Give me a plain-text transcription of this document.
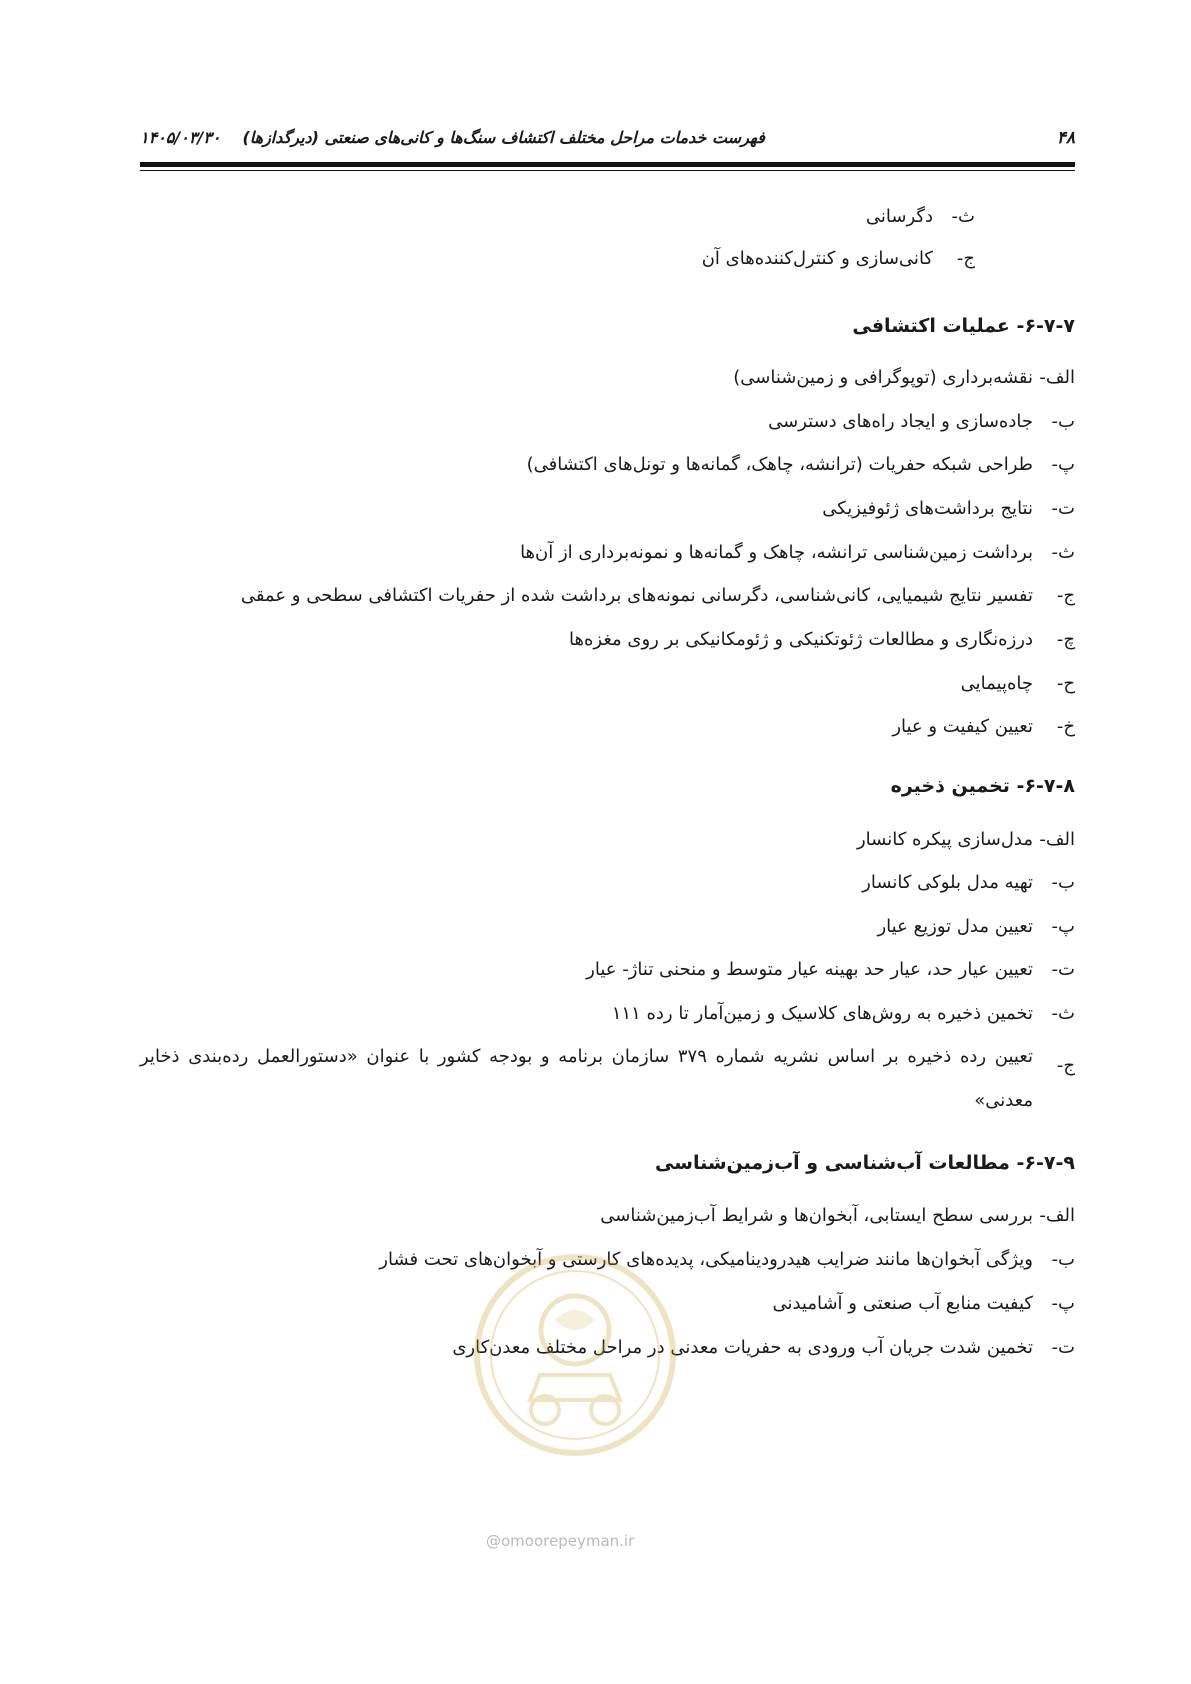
۴۸
فهرست خدمات مراحل مختلف اکتشاف سنگ‌ها و کانی‌های صنعتی (دیرگدازها)۱۴۰۵/۰۳/۳۰

ث-دگرسانی

ج-کانی‌سازی و کنترل‌کننده‌های آن

۶-۷-۷- عملیات اکتشافی

الف-نقشه‌برداری (توپوگرافی و زمین‌شناسی)

ب-جاده‌سازی و ایجاد راه‌های دسترسی

پ-طراحی شبکه حفریات (ترانشه، چاهک، گمانه‌ها و تونل‌های اکتشافی)

ت-نتایج برداشت‌های ژئوفیزیکی

ث-برداشت زمین‌شناسی ترانشه، چاهک و گمانه‌ها و نمونه‌برداری از آن‌ها

ج-تفسیر نتایج شیمیایی، کانی‌شناسی، دگرسانی نمونه‌های برداشت شده از حفریات اکتشافی سطحی و عمقی

چ-درزه‌نگاری و مطالعات ژئوتکنیکی و ژئومکانیکی بر روی مغزه‌ها

ح-چاه‌پیمایی

خ-تعیین کیفیت و عیار

۶-۷-۸- تخمین ذخیره

الف-مدل‌سازی پیکره کانسار

ب-تهیه مدل بلوکی کانسار

پ-تعیین مدل توزیع عیار

ت-تعیین عیار حد، عیار حد بهینه عیار متوسط و منحنی تناژ- عیار

ث-تخمین ذخیره به روش‌های کلاسیک و زمین‌آمار تا رده ۱۱۱

ج-
تعیین رده ذخیره بر اساس نشریه شماره ۳۷۹ سازمان برنامه و بودجه کشور با عنوان «دستورالعمل رده‌بندی ذخایر معدنی»

۶-۷-۹- مطالعات آب‌شناسی و آب‌زمین‌شناسی

الف-بررسی سطح ایستابی، آبخوان‌ها و شرایط آب‌زمین‌شناسی

ب-ویژگی آبخوان‌ها مانند ضرایب هیدرودینامیکی، پدیده‌های کارستی و آبخوان‌های تحت فشار

پ-کیفیت منابع آب صنعتی و آشامیدنی

ت-تخمین شدت جریان آب ورودی به حفریات معدنی در مراحل مختلف معدن‌کاری

@omoorepeyman.ir
